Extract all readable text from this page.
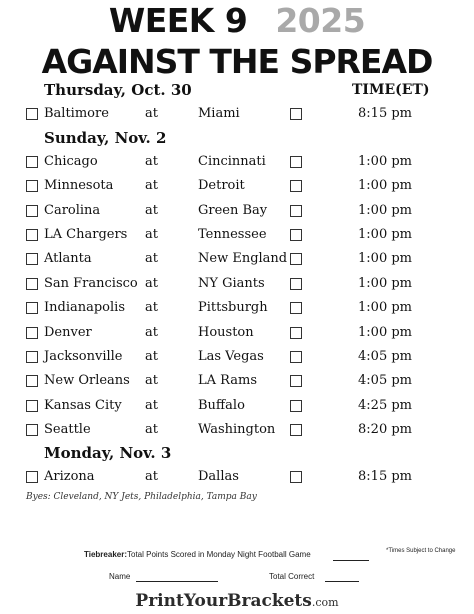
WEEK 9 2025
AGAINST THE SPREAD
TIME(ET)
Thursday, Oct. 30
Baltimore	at	Miami	8:15 pm
Sunday, Nov. 2
Chicago	at	Cincinnati	1:00 pm
Minnesota at	Detroit	1:00 pm
Carolina	at	Green Bay	1:00 pm
LA Chargers at	Tennessee	1:00 pm
Atlanta	at	New England	1:00 pm
San Francisco at	NY Giants	1:00 pm
Indianapolis at	Pittsburgh	1:00 pm
Denver	at	Houston	1:00 pm
Jacksonville at	Las Vegas	4:05 pm
New Orleans at	LA Rams	4:05 pm
Kansas City at	Buffalo	4:25 pm
Seattle	at	Washington	8:20 pm
Monday, Nov. 3
Arizona	at	Dallas	8:15 pm
Byes: Cleveland, NY Jets, Philadelphia, Tampa Bay
Tiebreaker:Total Points Scored in Monday Night Football Game	*Times Subject to Change
Name	Total Correct
PrintYourBrackets.com
